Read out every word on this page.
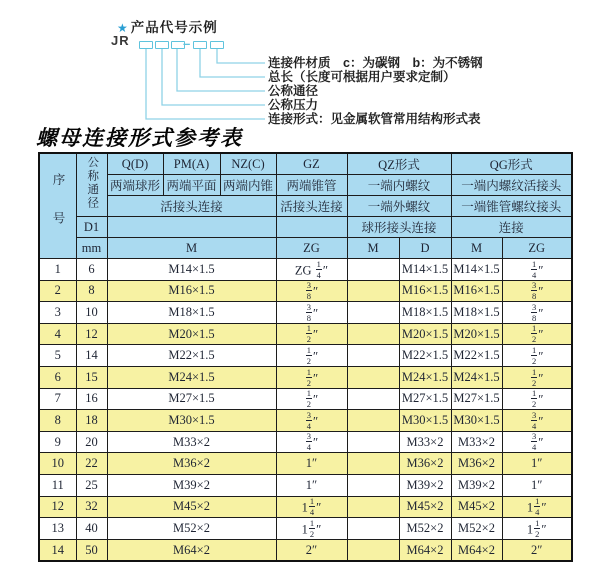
★ 产品代号示例
JR	–
连接件材质　c：为碳钢　b：为不锈钢
总长（长度可根据用户要求定制）
公称通径
公称压力
连接形式：见金属软管常用结构形式表
螺母连接形式参考表
序号	公称通径	Q(D)	PM(A)	NZ(C)	GZ	QZ形式		QG形式	
		两端球形	两端平面	两端内锥	两端锥管	一端内螺纹		一端内螺纹活接头	
		活接头连接			活接头连接	一端外螺纹		一端锥管螺纹接头	
	D1					球形接头连接		连接	
	mm	M			ZG	M	D	M	ZG
1	6	M14×1.5			ZG $\frac{1}{4}$ ″		M14×1.5	M14×1.5	$\frac{1}{4}$ ″
2	8	M16×1.5			$\frac{3}{8}$ ″		M16×1.5	M16×1.5	$\frac{3}{8}$ ″
3	10	M18×1.5			$\frac{3}{8}$ ″		M18×1.5	M18×1.5	$\frac{3}{8}$ ″
4	12	M20×1.5			$\frac{1}{2}$ ″		M20×1.5	M20×1.5	$\frac{1}{2}$ ″
5	14	M22×1.5			$\frac{1}{2}$ ″		M22×1.5	M22×1.5	$\frac{1}{2}$ ″
6	15	M24×1.5			$\frac{1}{2}$ ″		M24×1.5	M24×1.5	$\frac{1}{2}$ ″
7	16	M27×1.5			$\frac{1}{2}$ ″		M27×1.5	M27×1.5	$\frac{1}{2}$ ″
8	18	M30×1.5			$\frac{3}{4}$ ″		M30×1.5	M30×1.5	$\frac{3}{4}$ ″
9	20	M33×2			$\frac{3}{4}$ ″		M33×2	M33×2	$\frac{3}{4}$ ″
10	22	M36×2			1″		M36×2	M36×2	1″
11	25	M39×2			1″		M39×2	M39×2	1″
12	32	M45×2			$1 \frac{1}{4}$ ″		M45×2	M45×2	$1 \frac{1}{4}$ ″
13	40	M52×2			$1 \frac{1}{2}$ ″		M52×2	M52×2	$1 \frac{1}{2}$ ″
14	50	M64×2			2″		M64×2	M64×2	2″
